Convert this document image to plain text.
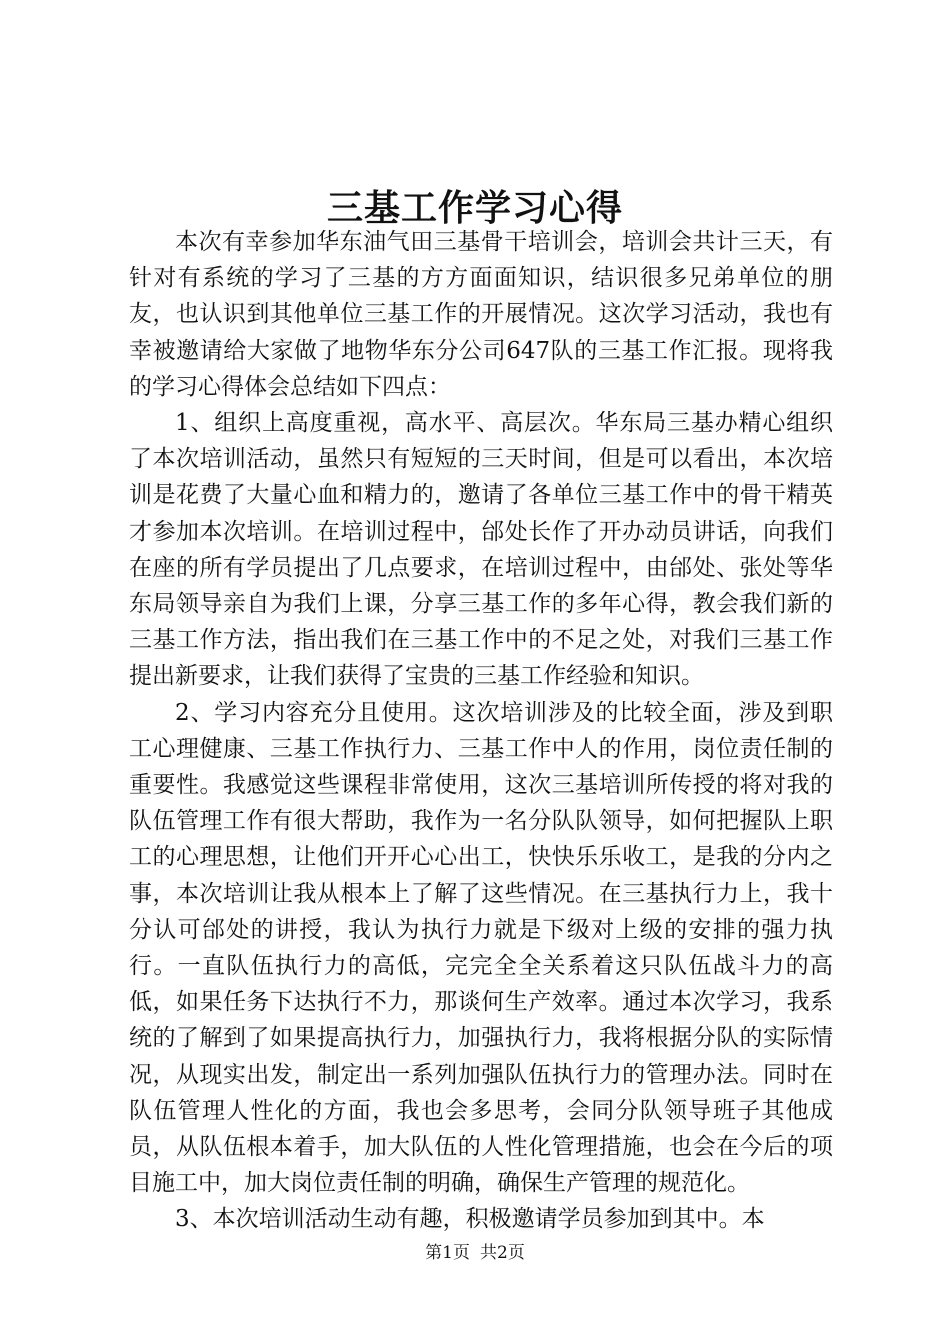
三基工作学习心得

本次有幸参加华东油气田三基骨干培训会，培训会共计三天，有针对有系统的学习了三基的方方面面知识，结识很多兄弟单位的朋友，也认识到其他单位三基工作的开展情况。这次学习活动，我也有幸被邀请给大家做了地物华东分公司647队的三基工作汇报。现将我的学习心得体会总结如下四点：

1、组织上高度重视，高水平、高层次。华东局三基办精心组织了本次培训活动，虽然只有短短的三天时间，但是可以看出，本次培训是花费了大量心血和精力的，邀请了各单位三基工作中的骨干精英才参加本次培训。在培训过程中，邰处长作了开办动员讲话，向我们在座的所有学员提出了几点要求，在培训过程中，由邰处、张处等华东局领导亲自为我们上课，分享三基工作的多年心得，教会我们新的三基工作方法，指出我们在三基工作中的不足之处，对我们三基工作提出新要求，让我们获得了宝贵的三基工作经验和知识。

2、学习内容充分且使用。这次培训涉及的比较全面，涉及到职工心理健康、三基工作执行力、三基工作中人的作用，岗位责任制的重要性。我感觉这些课程非常使用，这次三基培训所传授的将对我的队伍管理工作有很大帮助，我作为一名分队队领导，如何把握队上职工的心理思想，让他们开开心心出工，快快乐乐收工，是我的分内之事，本次培训让我从根本上了解了这些情况。在三基执行力上，我十分认可邰处的讲授，我认为执行力就是下级对上级的安排的强力执行。一直队伍执行力的高低，完完全全关系着这只队伍战斗力的高低，如果任务下达执行不力，那谈何生产效率。通过本次学习，我系统的了解到了如果提高执行力，加强执行力，我将根据分队的实际情况，从现实出发，制定出一系列加强队伍执行力的管理办法。同时在队伍管理人性化的方面，我也会多思考，会同分队领导班子其他成员，从队伍根本着手，加大队伍的人性化管理措施，也会在今后的项目施工中，加大岗位责任制的明确，确保生产管理的规范化。

3、本次培训活动生动有趣，积极邀请学员参加到其中。本

第1页 共2页
